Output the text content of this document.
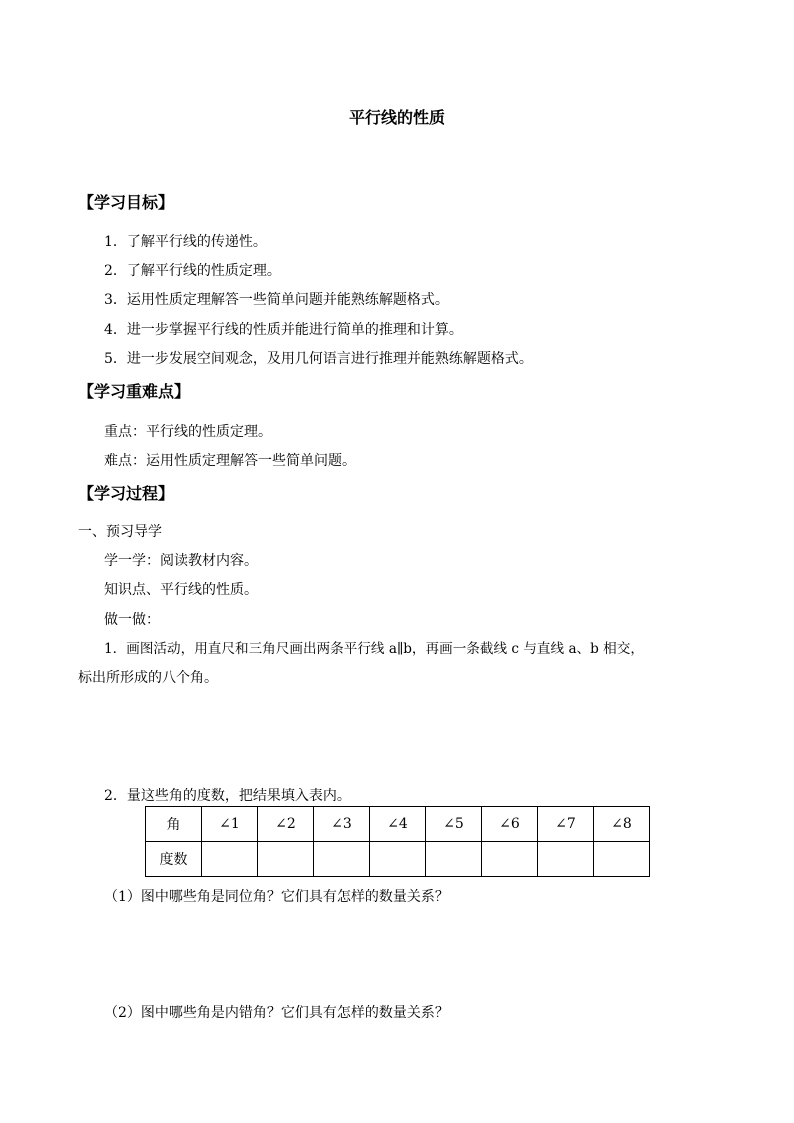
平行线的性质
【学习目标】
1．了解平行线的传递性。
2．了解平行线的性质定理。
3．运用性质定理解答一些简单问题并能熟练解题格式。
4．进一步掌握平行线的性质并能进行简单的推理和计算。
5．进一步发展空间观念，及用几何语言进行推理并能熟练解题格式。
【学习重难点】
重点：平行线的性质定理。
难点：运用性质定理解答一些简单问题。
【学习过程】
一、预习导学
学一学：阅读教材内容。
知识点、平行线的性质。
做一做：
1．画图活动，用直尺和三角尺画出两条平行线 a∥b，再画一条截线 c 与直线 a、b 相交，
标出所形成的八个角。
2．量这些角的度数，把结果填入表内。
角	∠1	∠2	∠3	∠4	∠5	∠6	∠7	∠8
度数								
（1）图中哪些角是同位角？它们具有怎样的数量关系？
（2）图中哪些角是内错角？它们具有怎样的数量关系？
